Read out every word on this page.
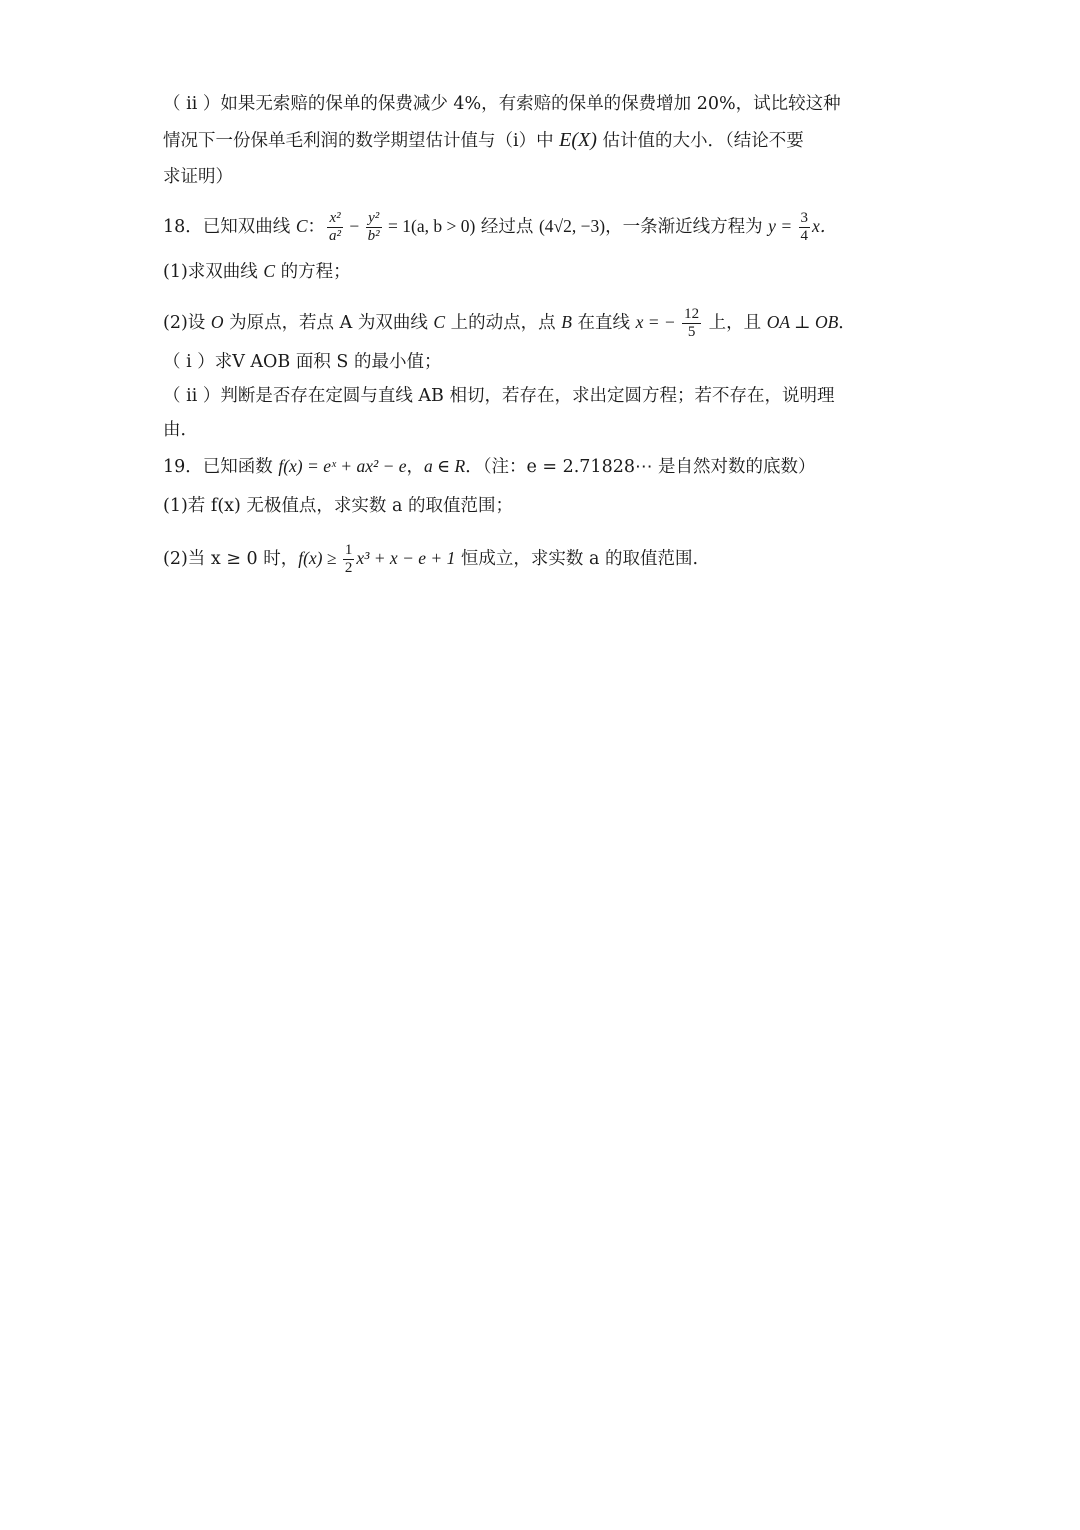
（ ⅱ ）如果无索赔的保单的保费减少 4%，有索赔的保单的保费增加 20%，试比较这种
情况下一份保单毛利润的数学期望估计值与（ⅰ）中 E(X) 估计值的大小．（结论不要
求证明）
18．已知双曲线 C： $\frac{\text{x²}}{\text{a²}} - \frac{\text{y²}}{\text{b²}} = 1(a$, b > 0) 经过点 (4√2, −3)，一条渐近线方程为 $y = \frac{3}{4}$ x．
(1)求双曲线 C 的方程；
(2)设 O 为原点，若点 A 为双曲线 C 上的动点，点 B 在直线 x = − $\frac{12}{5}$ 上，且 OA ⊥ OB．
（ ⅰ ）求V AOB 面积 S 的最小值；
（ ⅱ ）判断是否存在定圆与直线 AB 相切，若存在，求出定圆方程；若不存在，说明理
由．
19．已知函数 f(x) = eˣ + ax² − e，a ∈ R．（注：e = 2.71828⋯ 是自然对数的底数）
(1)若 f(x) 无极值点，求实数 a 的取值范围；
(2)当 x ≥ 0 时，$f(x) \ge \frac{1}{2} x^3 + x - e + 1$ 恒成立，求实数 a 的取值范围.
